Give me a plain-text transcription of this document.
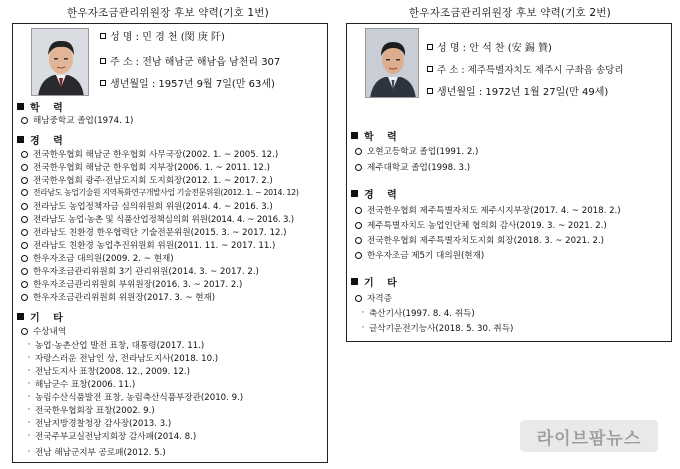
한우자조금관리위원장 후보 약력(기호 1번)	한우자조금관리위원장 후보 약력(기호 2번)
성 명 : 민 경 천 (閔 庚 阡)
주 소 : 전남 해남군 해남읍 남천리 307
생년월일 : 1957년 9월 7일(만 63세)
학 력
해남중학교 졸업(1974. 1)
경 력
전국한우협회 해남군 한우협회 사무국장(2002. 1. ~ 2005. 12.)
전국한우협회 해남군 한우협회 지부장(2006. 1. ~ 2011. 12.)
전국한우협회 광주·전남도지회 도지회장(2012. 1. ~ 2017. 2.)
전라남도 농업기술원 지역특화연구개발사업 기술전문위원(2012. 1. ~ 2014. 12)
전라남도 농업정책자금 심의위원회 위원(2014. 4. ~ 2016. 3.)
전라남도 농업·농촌 및 식품산업정책심의회 위원(2014. 4. ~ 2016. 3.)
전라남도 친환경 한우협력단 기술전문위원(2015. 3. ~ 2017. 12.)
전라남도 친환경 농업추진위원회 위원(2011. 11. ~ 2017. 11.)
한우자조금 대의원(2009. 2. ~ 현재)
한우자조금관리위원회 3기 관리위원(2014. 3. ~ 2017. 2.)
한우자조금관리위원회 부위원장(2016. 3. ~ 2017. 2.)
한우자조금관리위원회 위원장(2017. 3. ~ 현재)
기 타
수상내역
· 농업·농촌산업 발전 표창, 대통령(2017. 11.)
· 자랑스러운 전남인 상, 전라남도지사(2018. 10.)
· 전남도지사 표창(2008. 12., 2009. 12.)
· 해남군수 표창(2006. 11.)
· 농림수산식품발전 표창, 농림축산식품부장관(2010. 9.)
· 전국한우협회장 표창(2002. 9.)
· 전남지방경찰청장 감사장(2013. 3.)
· 전국주부교실전남지회장 감사패(2014. 8.)
· 전남 해남군지부 공로패(2012. 5.)
성 명 : 안 석 찬 (安 錫 贊)
주 소 : 제주특별자치도 제주시 구좌읍 송당리
생년월일 : 1972년 1월 27일(만 49세)
학 력
오현고등학교 졸업(1991. 2.)
제주대학교 졸업(1998. 3.)
경 력
전국한우협회 제주특별자치도 제주시지부장(2017. 4. ~ 2018. 2.)
제주특별자치도 농업인단체 협의회 감사(2019. 3. ~ 2021. 2.)
전국한우협회 제주특별자치도지회 회장(2018. 3. ~ 2021. 2.)
한우자조금 제5기 대의원(현재)
기 타
자격증
· 축산기사(1997. 8. 4. 취득)
· 글삭기운전기능사(2018. 5. 30. 취득)
라이브팜뉴스
